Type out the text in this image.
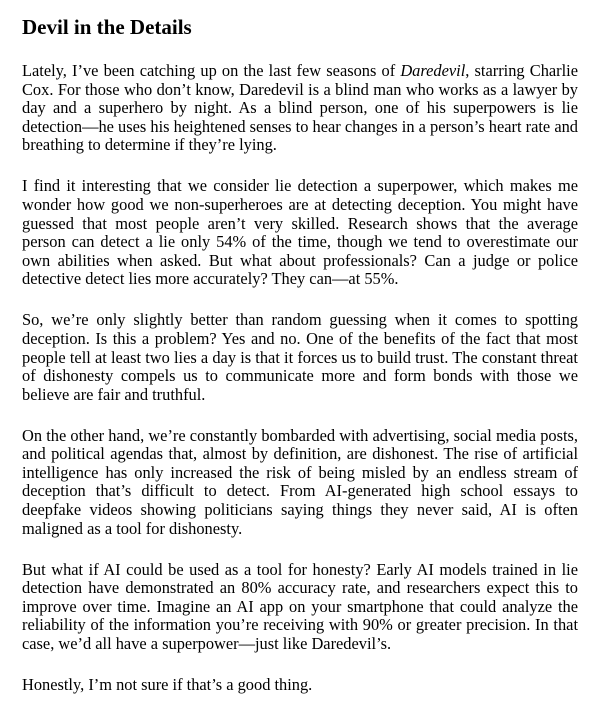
Devil in the Details

Lately, I’ve been catching up on the last few seasons of Daredevil, starring Charlie Cox. For those who don’t know, Daredevil is a blind man who works as a lawyer by day and a superhero by night. As a blind person, one of his superpowers is lie detection—he uses his heightened senses to hear changes in a person’s heart rate and breathing to determine if they’re lying.

I find it interesting that we consider lie detection a superpower, which makes me wonder how good we non-superheroes are at detecting deception. You might have guessed that most people aren’t very skilled. Research shows that the average person can detect a lie only 54% of the time, though we tend to overestimate our own abilities when asked. But what about professionals? Can a judge or police detective detect lies more accurately? They can—at 55%.

So, we’re only slightly better than random guessing when it comes to spotting deception. Is this a problem? Yes and no. One of the benefits of the fact that most people tell at least two lies a day is that it forces us to build trust. The constant threat of dishonesty compels us to communicate more and form bonds with those we believe are fair and truthful.

On the other hand, we’re constantly bombarded with advertising, social media posts, and political agendas that, almost by definition, are dishonest. The rise of artificial intelligence has only increased the risk of being misled by an endless stream of deception that’s difficult to detect. From AI-generated high school essays to deepfake videos showing politicians saying things they never said, AI is often maligned as a tool for dishonesty.

But what if AI could be used as a tool for honesty? Early AI models trained in lie detection have demonstrated an 80% accuracy rate, and researchers expect this to improve over time. Imagine an AI app on your smartphone that could analyze the reliability of the information you’re receiving with 90% or greater precision. In that case, we’d all have a superpower—just like Daredevil’s.

Honestly, I’m not sure if that’s a good thing.
